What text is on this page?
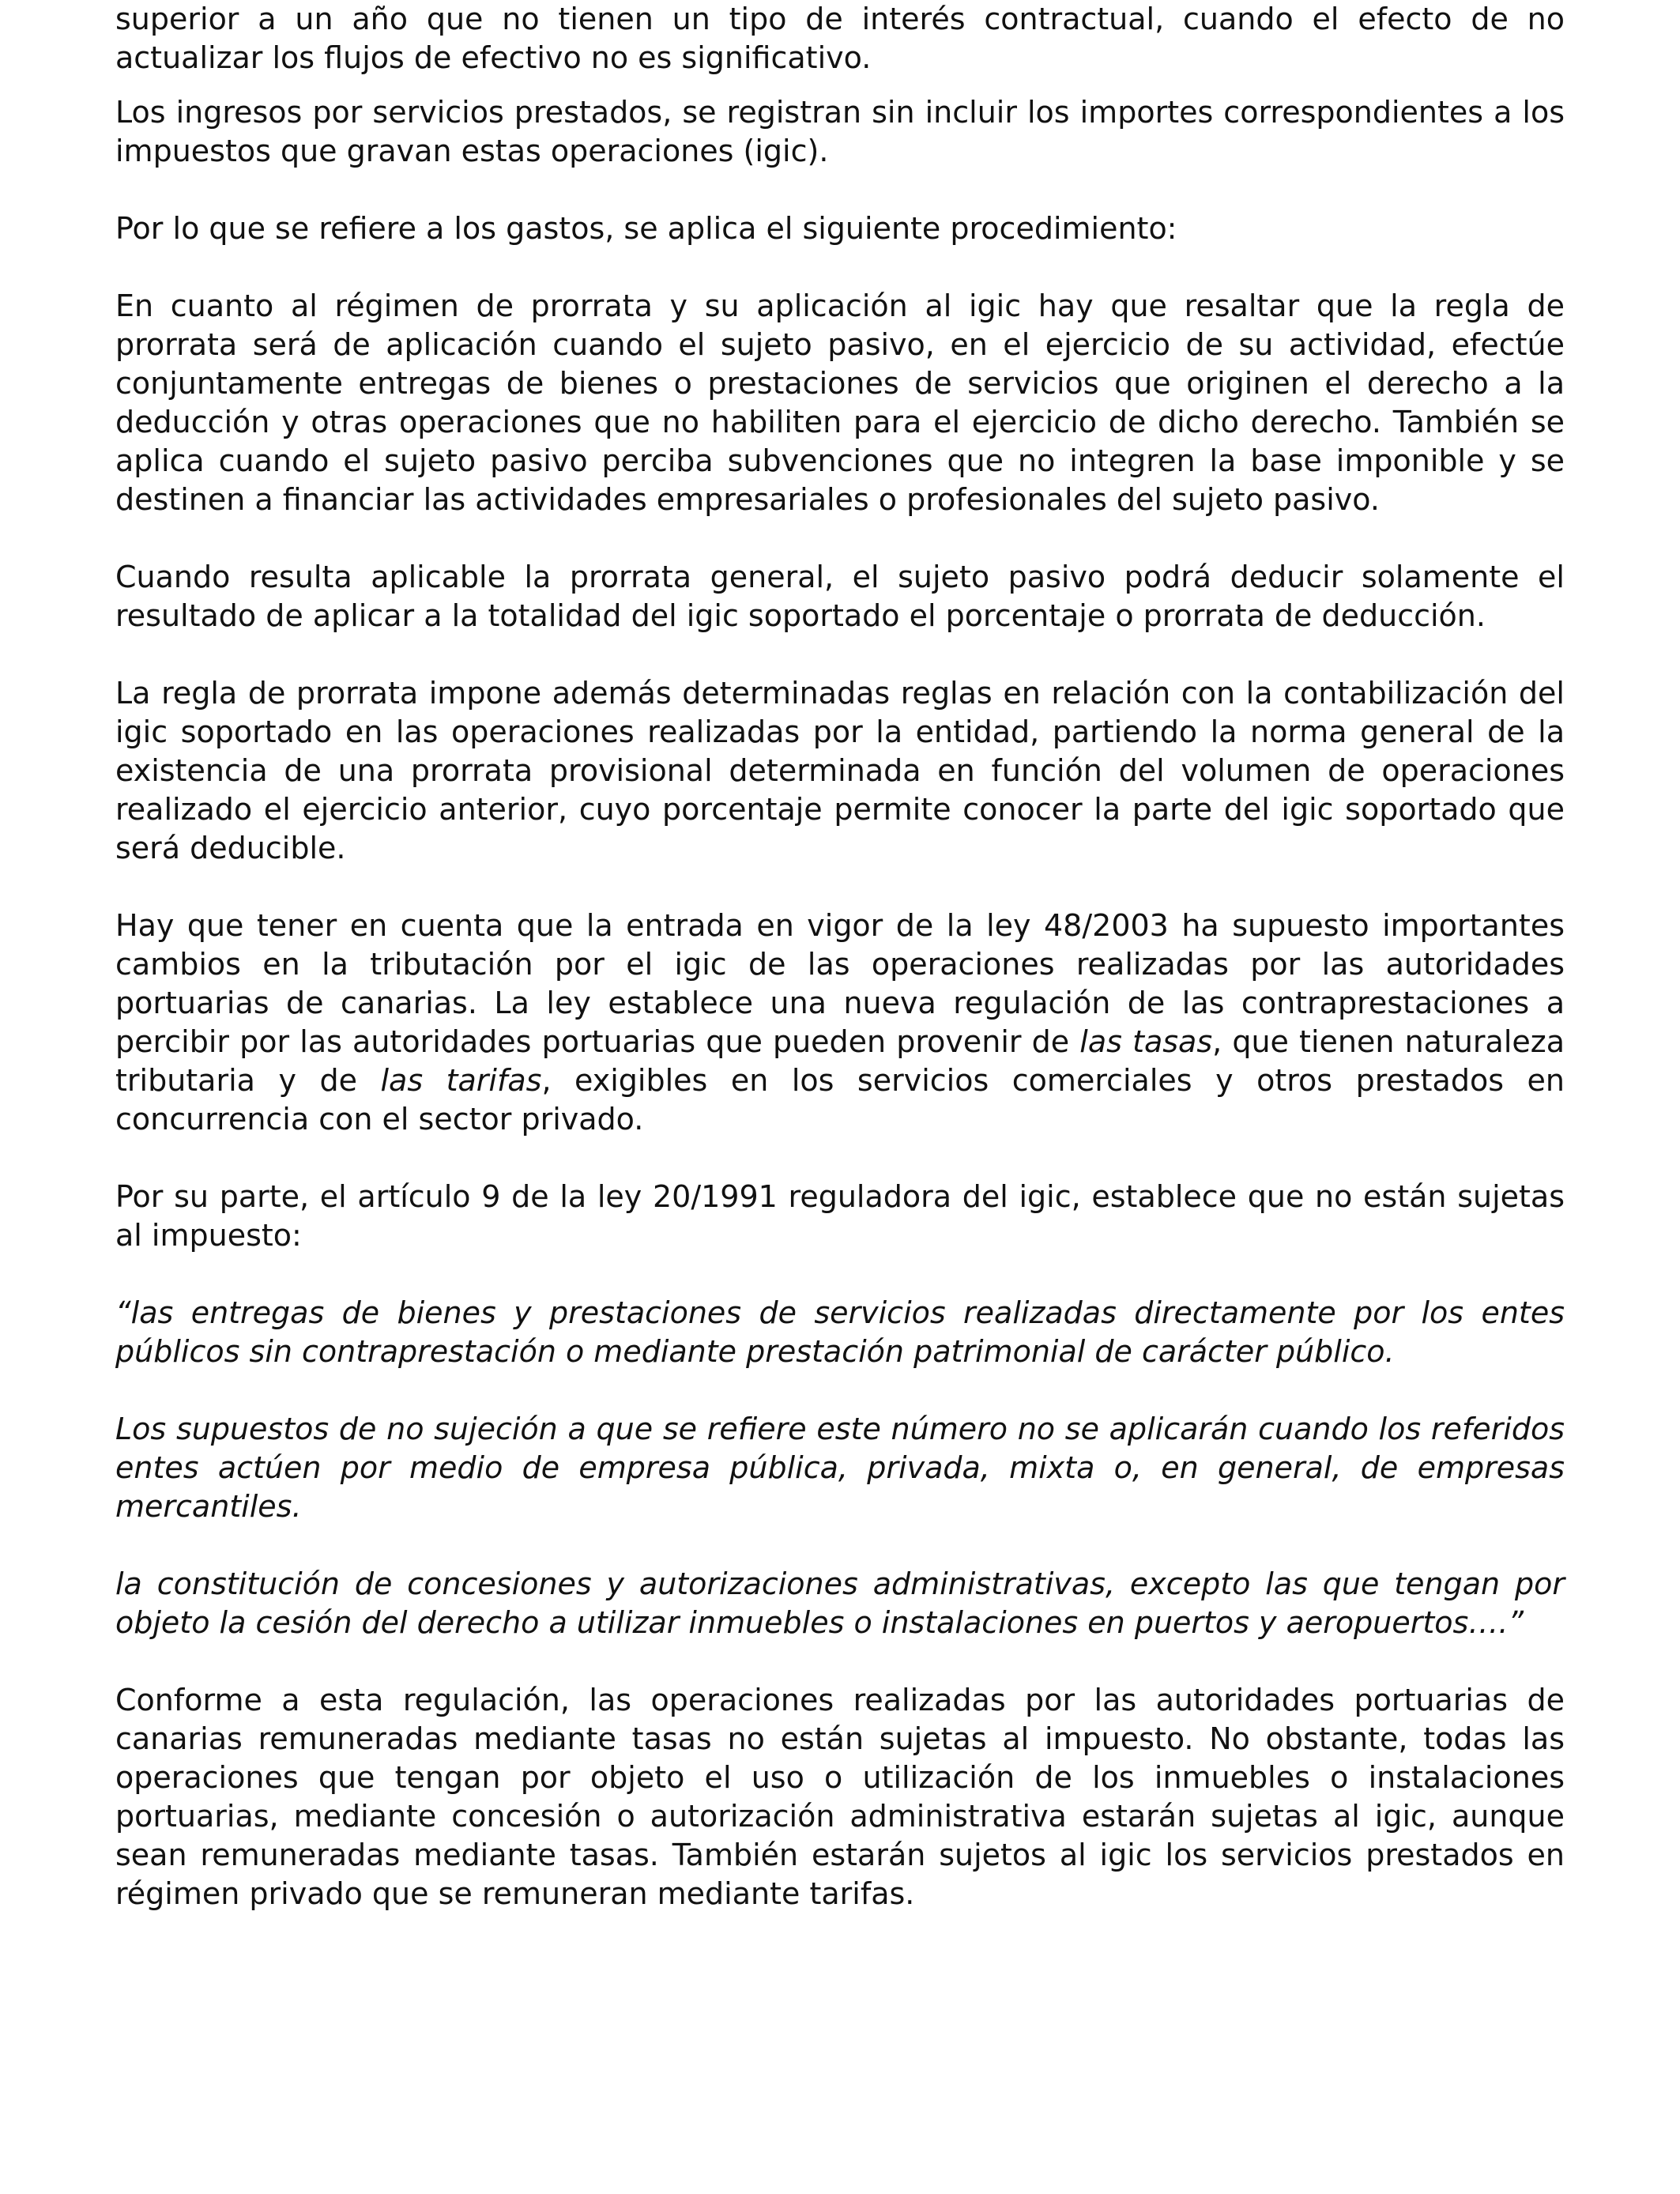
superior a un año que no tienen un tipo de interés contractual, cuando el efecto de no actualizar los flujos de efectivo no es significativo.

Los ingresos por servicios prestados, se registran sin incluir los importes correspondientes a los impuestos que gravan estas operaciones (igic).

Por lo que se refiere a los gastos, se aplica el siguiente procedimiento:

En cuanto al régimen de prorrata y su aplicación al igic hay que resaltar que la regla de prorrata será de aplicación cuando el sujeto pasivo, en el ejercicio de su actividad, efectúe conjuntamente entregas de bienes o prestaciones de servicios que originen el derecho a la deducción y otras operaciones que no habiliten para el ejercicio de dicho derecho. También se aplica cuando el sujeto pasivo perciba subvenciones que no integren la base imponible y se destinen a financiar las actividades empresariales o profesionales del sujeto pasivo.

Cuando resulta aplicable la prorrata general, el sujeto pasivo podrá deducir solamente el resultado de aplicar a la totalidad del igic soportado el porcentaje o prorrata de deducción.

La regla de prorrata impone además determinadas reglas en relación con la contabilización del igic soportado en las operaciones realizadas por la entidad, partiendo la norma general de la existencia de una prorrata provisional determinada en función del volumen de operaciones realizado el ejercicio anterior, cuyo porcentaje permite conocer la parte del igic soportado que será deducible.

Hay que tener en cuenta que la entrada en vigor de la ley 48/2003 ha supuesto importantes cambios en la tributación por el igic de las operaciones realizadas por las autoridades portuarias de canarias. La ley establece una nueva regulación de las contraprestaciones a percibir por las autoridades portuarias que pueden provenir de las tasas, que tienen naturaleza tributaria y de las tarifas, exigibles en los servicios comerciales y otros prestados en concurrencia con el sector privado.

Por su parte, el artículo 9 de la ley 20/1991 reguladora del igic, establece que no están sujetas al impuesto:

“las entregas de bienes y prestaciones de servicios realizadas directamente por los entes públicos sin contraprestación o mediante prestación patrimonial de carácter público.

Los supuestos de no sujeción a que se refiere este número no se aplicarán cuando los referidos entes actúen por medio de empresa pública, privada, mixta o, en general, de empresas mercantiles.

la constitución de concesiones y autorizaciones administrativas, excepto las que tengan por objeto la cesión del derecho a utilizar inmuebles o instalaciones en puertos y aeropuertos….”

Conforme a esta regulación, las operaciones realizadas por las autoridades portuarias de canarias remuneradas mediante tasas no están sujetas al impuesto. No obstante, todas las operaciones que tengan por objeto el uso o utilización de los inmuebles o instalaciones portuarias, mediante concesión o autorización administrativa estarán sujetas al igic, aunque sean remuneradas mediante tasas. También estarán sujetos al igic los servicios prestados en régimen privado que se remuneran mediante tarifas.
